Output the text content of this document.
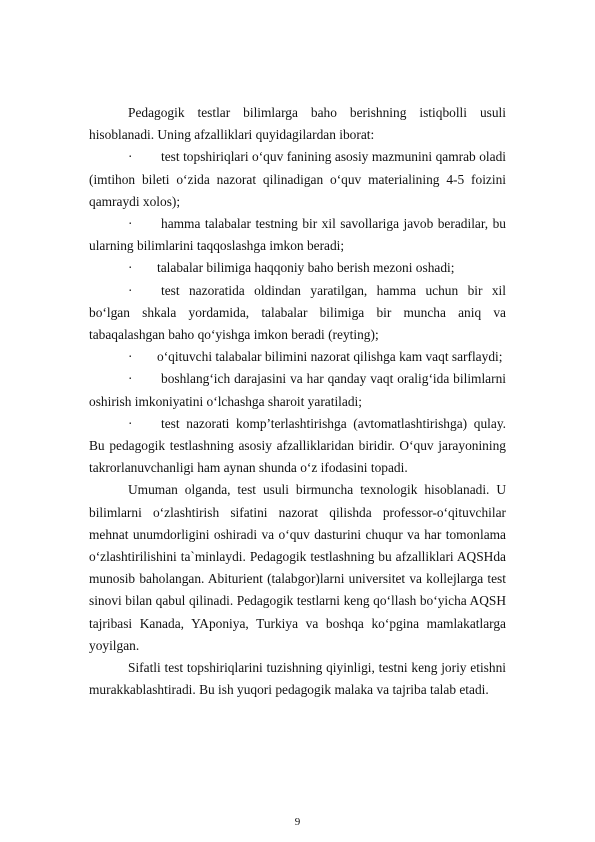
Pedagogik testlar bilimlarga baho berishning istiqbolli usuli hisoblanadi. Uning afzalliklari quyidagilardan iborat:

· test topshiriqlari o‘quv fanining asosiy mazmunini qamrab oladi (imtihon bileti o‘zida nazorat qilinadigan o‘quv materialining 4-5 foizini qamraydi xolos);

· hamma talabalar testning bir xil savollariga javob beradilar, bu ularning bilimlarini taqqoslashga imkon beradi;

· talabalar bilimiga haqqoniy baho berish mezoni oshadi;

· test nazoratida oldindan yaratilgan, hamma uchun bir xil bo‘lgan shkala yordamida, talabalar bilimiga bir muncha aniq va tabaqalashgan baho qo‘yishga imkon beradi (reyting);

· o‘qituvchi talabalar bilimini nazorat qilishga kam vaqt sarflaydi;

· boshlang‘ich darajasini va har qanday vaqt oralig‘ida bilimlarni oshirish imkoniyatini o‘lchashga sharoit yaratiladi;

· test nazorati komp’terlashtirishga (avtomatlashtirishga) qulay. Bu pedagogik testlashning asosiy afzalliklaridan biridir. O‘quv jarayonining takrorlanuvchanligi ham aynan shunda o‘z ifodasini topadi.

Umuman olganda, test usuli birmuncha texnologik hisoblanadi. U bilimlarni o‘zlashtirish sifatini nazorat qilishda professor-o‘qituvchilar mehnat unumdorligini oshiradi va o‘quv dasturini chuqur va har tomonlama o‘zlashtirilishini ta`minlaydi. Pedagogik testlashning bu afzalliklari AQSHda munosib baholangan. Abiturient (talabgor)larni universitet va kollejlarga test sinovi bilan qabul qilinadi. Pedagogik testlarni keng qo‘llash bo‘yicha AQSH tajribasi Kanada, YAponiya, Turkiya va boshqa ko‘pgina mamlakatlarga yoyilgan.

Sifatli test topshiriqlarini tuzishning qiyinligi, testni keng joriy etishni murakkablashtiradi. Bu ish yuqori pedagogik malaka va tajriba talab etadi.

9
